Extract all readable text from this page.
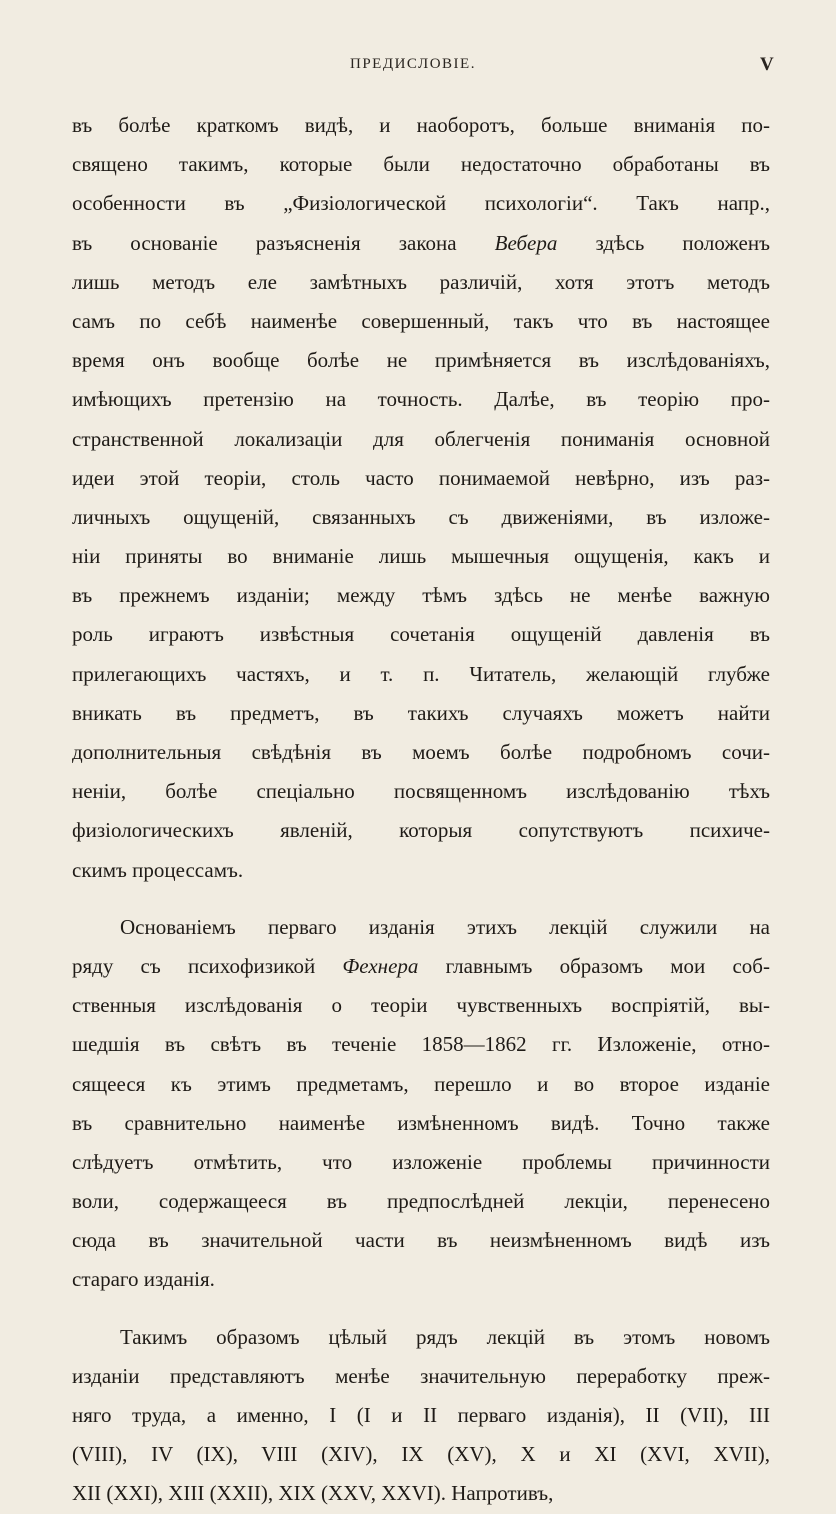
ПРЕДИСЛОВІЕ.	V
въ болѣе краткомъ видѣ, и наоборотъ, больше вниманія по-
священо такимъ, которые были недостаточно обработаны въ
особенности въ „Физіологической психологіи“. Такъ напр.,
въ основаніе разъясненія закона Вебера здѣсь положенъ
лишь методъ еле замѣтныхъ различій, хотя этотъ методъ
самъ по себѣ наименѣе совершенный, такъ что въ настоящее
время онъ вообще болѣе не примѣняется въ изслѣдованіяхъ,
имѣющихъ претензію на точность. Далѣе, въ теорію про-
странственной локализаціи для облегченія пониманія основной
идеи этой теоріи, столь часто понимаемой невѣрно, изъ раз-
личныхъ ощущеній, связанныхъ съ движеніями, въ изложе-
ніи приняты во вниманіе лишь мышечныя ощущенія, какъ и
въ прежнемъ изданіи; между тѣмъ здѣсь не менѣе важную
роль играютъ извѣстныя сочетанія ощущеній давленія въ
прилегающихъ частяхъ, и т. п. Читатель, желающій глубже
вникать въ предметъ, въ такихъ случаяхъ можетъ найти
дополнительныя свѣдѣнія въ моемъ болѣе подробномъ сочи-
неніи, болѣе спеціально посвященномъ изслѣдованію тѣхъ
физіологическихъ явленій, которыя сопутствуютъ психиче-
скимъ процессамъ.
Основаніемъ перваго изданія этихъ лекцій служили на
ряду съ психофизикой Фехнера главнымъ образомъ мои соб-
ственныя изслѣдованія о теоріи чувственныхъ воспріятій, вы-
шедшія въ свѣтъ въ теченіе 1858—1862 гг. Изложеніе, отно-
сящееся къ этимъ предметамъ, перешло и во второе изданіе
въ сравнительно наименѣе измѣненномъ видѣ. Точно также
слѣдуетъ отмѣтить, что изложеніе проблемы причинности
воли, содержащееся въ предпослѣдней лекціи, перенесено
сюда въ значительной части въ неизмѣненномъ видѣ изъ
стараго изданія.
Такимъ образомъ цѣлый рядъ лекцій въ этомъ новомъ
изданіи представляютъ менѣе значительную переработку преж-
няго труда, а именно, I (I и II перваго изданія), II (VII), III
(VIII), IV (IX), VIII (XIV), IX (XV), X и XI (XVI, XVII),
XII (XXI), XIII (XXII), XIX (XXV, XXVI). Напротивъ,
